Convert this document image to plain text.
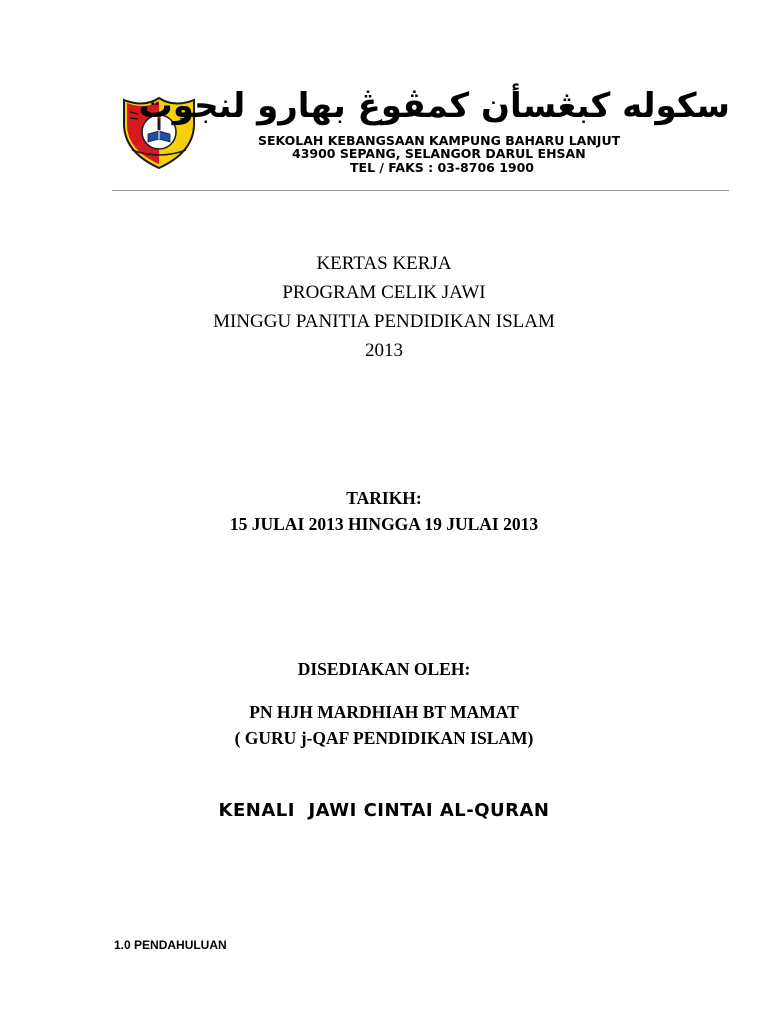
سکوله کبڠسأن کمڤوڠ بهارو لنجوت
SEKOLAH KEBANGSAAN KAMPUNG BAHARU LANJUT
43900 SEPANG, SELANGOR DARUL EHSAN
TEL / FAKS : 03-8706 1900
KERTAS KERJA
PROGRAM CELIK JAWI
MINGGU PANITIA PENDIDIKAN ISLAM
2013
TARIKH:
15 JULAI 2013 HINGGA 19 JULAI 2013
DISEDIAKAN OLEH:
PN HJH MARDHIAH BT MAMAT
( GURU j-QAF PENDIDIKAN ISLAM)
KENALI  JAWI CINTAI AL-QURAN
1.0 PENDAHULUAN
